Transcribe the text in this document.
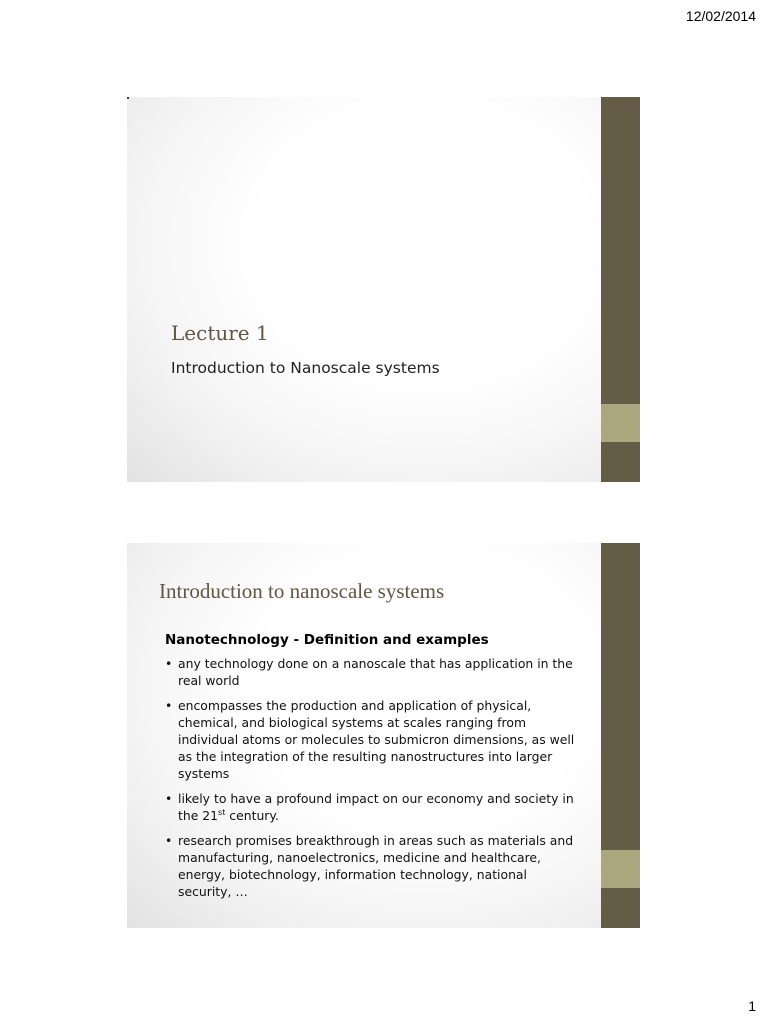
12/02/2014
Lecture 1
Introduction to Nanoscale systems
Introduction to nanoscale systems
Nanotechnology - Definition and examples
• any technology done on a nanoscale that has application in the real world
• encompasses the production and application of physical, chemical, and biological systems at scales ranging from individual atoms or molecules to submicron dimensions, as well as the integration of the resulting nanostructures into larger systems
• likely to have a profound impact on our economy and society in the 21st century.
• research promises breakthrough in areas such as materials and manufacturing, nanoelectronics, medicine and healthcare, energy, biotechnology, information technology, national security, …
1
